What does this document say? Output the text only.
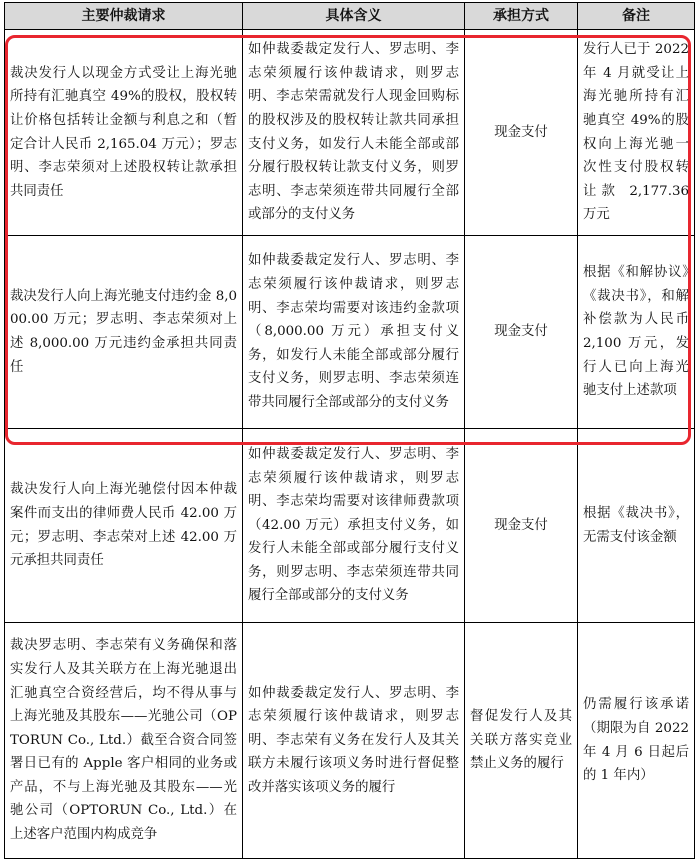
主要仲裁请求	具体含义	承担方式	备注
裁决发行人以现金方式受让上海光驰所持有汇驰真空 49%的股权，股权转让价格包括转让金额与利息之和（暂定合计人民币 2,165.04 万元）；罗志明、李志荣须对上述股权转让款承担共同责任	如仲裁委裁定发行人、罗志明、李志荣须履行该仲裁请求，则罗志明、李志荣需就发行人现金回购标的股权涉及的股权转让款共同承担支付义务，如发行人未能全部或部分履行股权转让款支付义务，则罗志明、李志荣须连带共同履行全部或部分的支付义务	现金支付	发行人已于 2022 年 4 月就受让上海光驰所持有汇驰真空 49%的股权向上海光驰一次性支付股权转让款 2,177.36 万元
裁决发行人向上海光驰支付违约金 8,000.00 万元；罗志明、李志荣须对上述 8,000.00 万元违约金承担共同责任	如仲裁委裁定发行人、罗志明、李志荣须履行该仲裁请求，则罗志明、李志荣均需要对该违约金款项（8,000.00 万元）承担支付义务，如发行人未能全部或部分履行支付义务，则罗志明、李志荣须连带共同履行全部或部分的支付义务	现金支付	根据《和解协议》《裁决书》，和解补偿款为人民币 2,100 万元，发行人已向上海光驰支付上述款项
裁决发行人向上海光驰偿付因本仲裁案件而支出的律师费人民币 42.00 万元；罗志明、李志荣对上述 42.00 万元承担共同责任	如仲裁委裁定发行人、罗志明、李志荣须履行该仲裁请求，则罗志明、李志荣均需要对该律师费款项（42.00 万元）承担支付义务，如发行人未能全部或部分履行支付义务，则罗志明、李志荣须连带共同履行全部或部分的支付义务	现金支付	根据《裁决书》，无需支付该金额
裁决罗志明、李志荣有义务确保和落实发行人及其关联方在上海光驰退出汇驰真空合资经营后，均不得从事与上海光驰及其股东——光驰公司（OPTORUN Co., Ltd.）截至合资合同签署日已有的 Apple 客户相同的业务或产品，不与上海光驰及其股东——光驰公司（OPTORUN Co., Ltd.）在上述客户范围内构成竞争	如仲裁委裁定发行人、罗志明、李志荣须履行该仲裁请求，则罗志明、李志荣有义务在发行人及其关联方未履行该项义务时进行督促整改并落实该项义务的履行	督促发行人及其关联方落实竞业禁止义务的履行	仍需履行该承诺（期限为自 2022 年 4 月 6 日起后的 1 年内）
